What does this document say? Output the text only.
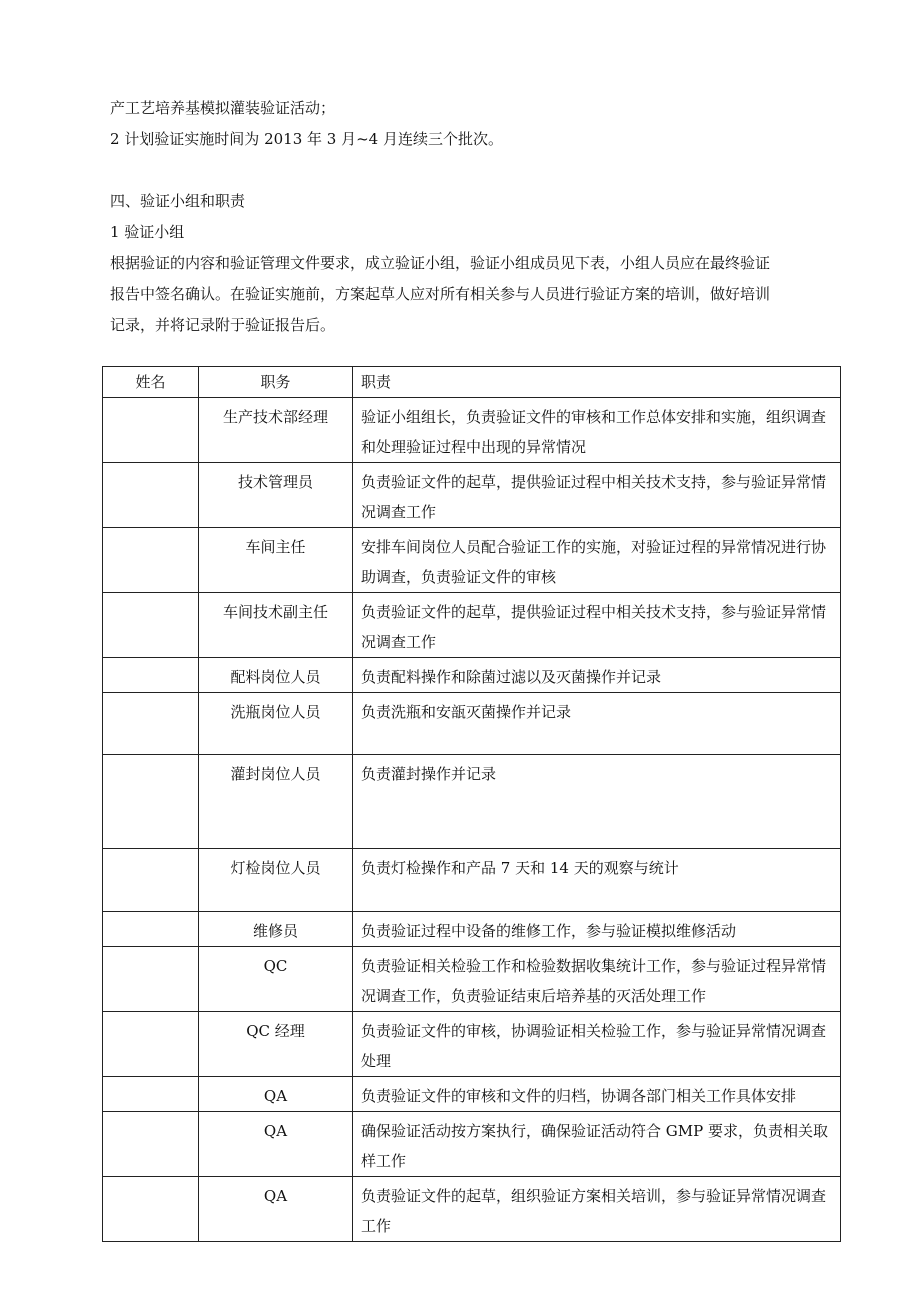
产工艺培养基模拟灌装验证活动；
2 计划验证实施时间为 2013 年 3 月~4 月连续三个批次。
四、验证小组和职责
1 验证小组
根据验证的内容和验证管理文件要求，成立验证小组，验证小组成员见下表，小组人员应在最终验证
报告中签名确认。在验证实施前，方案起草人应对所有相关参与人员进行验证方案的培训，做好培训
记录，并将记录附于验证报告后。
姓名	职务	职责
	生产技术部经理	验证小组组长，负责验证文件的审核和工作总体安排和实施，组织调查和处理验证过程中出现的异常情况
	技术管理员	负责验证文件的起草，提供验证过程中相关技术支持，参与验证异常情况调查工作
	车间主任	安排车间岗位人员配合验证工作的实施，对验证过程的异常情况进行协助调查，负责验证文件的审核
	车间技术副主任	负责验证文件的起草，提供验证过程中相关技术支持，参与验证异常情况调查工作
	配料岗位人员	负责配料操作和除菌过滤以及灭菌操作并记录
	洗瓶岗位人员	负责洗瓶和安瓿灭菌操作并记录
	灌封岗位人员	负责灌封操作并记录
	灯检岗位人员	负责灯检操作和产品 7 天和 14 天的观察与统计
	维修员	负责验证过程中设备的维修工作，参与验证模拟维修活动
	QC	负责验证相关检验工作和检验数据收集统计工作，参与验证过程异常情况调查工作，负责验证结束后培养基的灭活处理工作
	QC 经理	负责验证文件的审核，协调验证相关检验工作，参与验证异常情况调查处理
	QA	负责验证文件的审核和文件的归档，协调各部门相关工作具体安排
	QA	确保验证活动按方案执行，确保验证活动符合 GMP 要求，负责相关取样工作
	QA	负责验证文件的起草，组织验证方案相关培训，参与验证异常情况调查工作
